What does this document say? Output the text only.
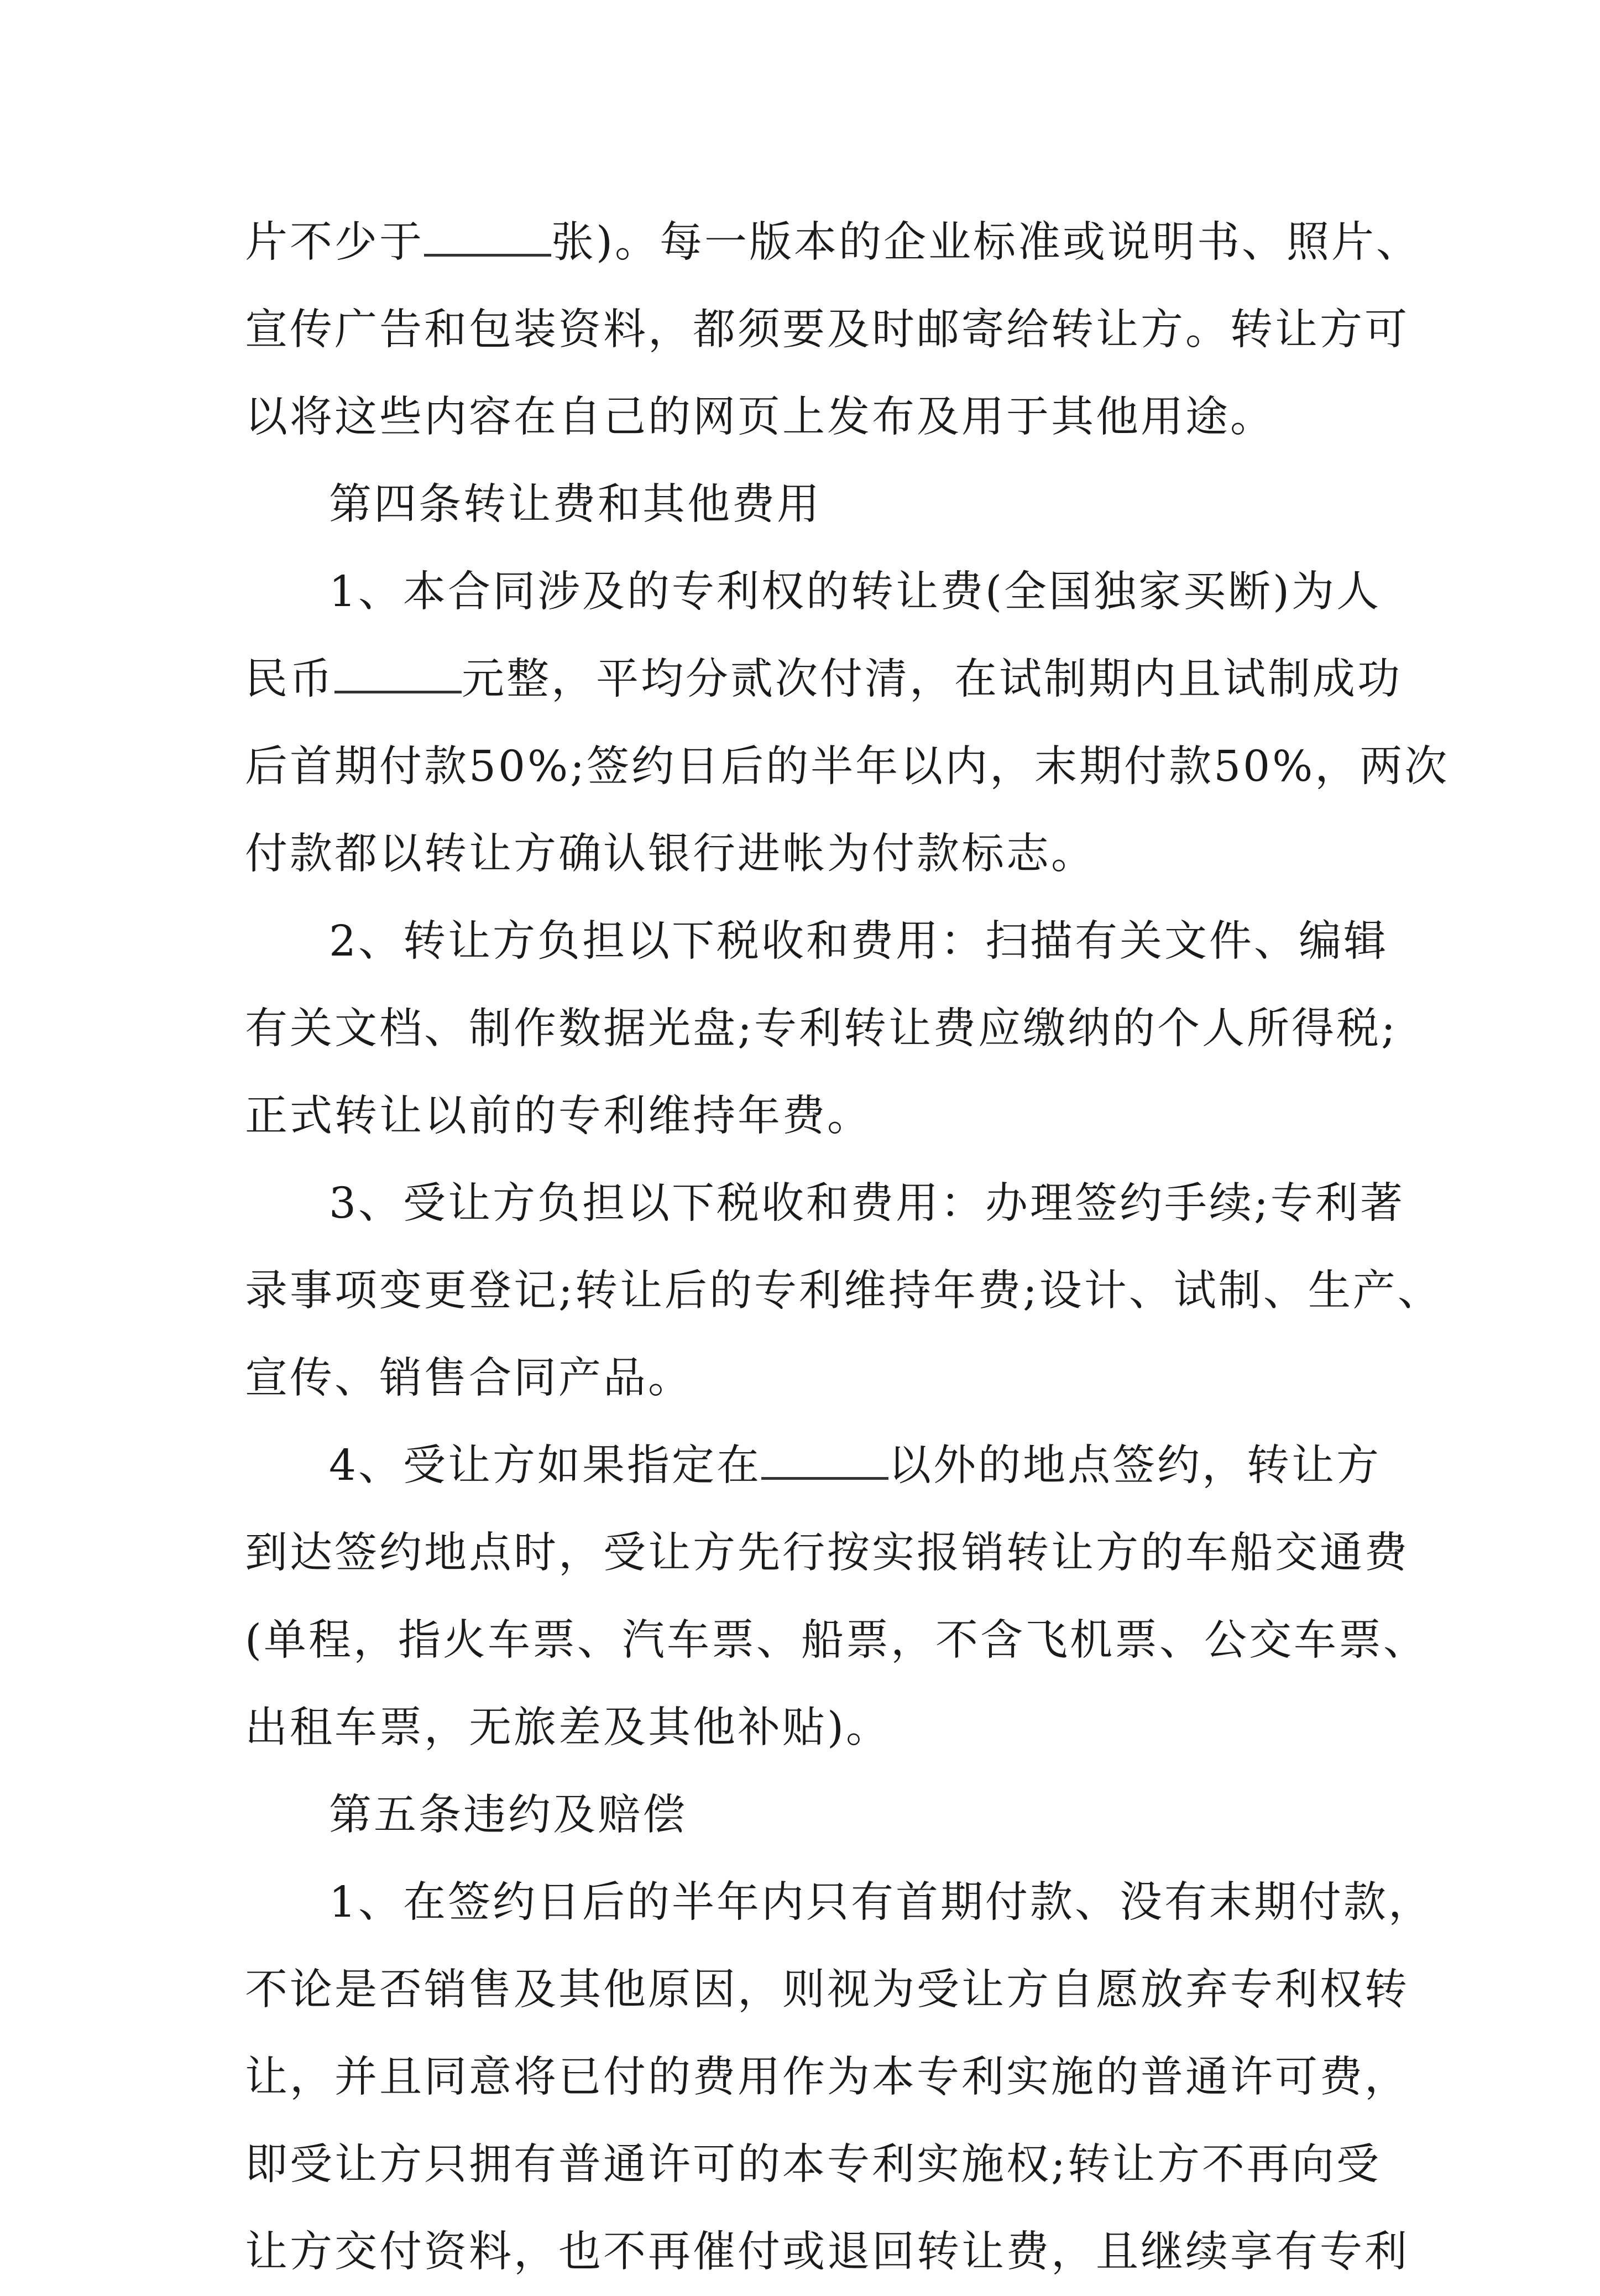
片不少于	张)。每一版本的企业标准或说明书、照片、
宣传广告和包装资料，都须要及时邮寄给转让方。转让方可
以将这些内容在自己的网页上发布及用于其他用途。
第四条转让费和其他费用
1、本合同涉及的专利权的转让费(全国独家买断)为人
民币	元整，平均分贰次付清，在试制期内且试制成功
后首期付款50%;签约日后的半年以内，末期付款50%，两次
付款都以转让方确认银行进帐为付款标志。
2、转让方负担以下税收和费用：扫描有关文件、编辑
有关文档、制作数据光盘;专利转让费应缴纳的个人所得税;
正式转让以前的专利维持年费。
3、受让方负担以下税收和费用：办理签约手续;专利著
录事项变更登记;转让后的专利维持年费;设计、试制、生产、
宣传、销售合同产品。
4、受让方如果指定在	以外的地点签约，转让方
到达签约地点时，受让方先行按实报销转让方的车船交通费
(单程，指火车票、汽车票、船票，不含飞机票、公交车票、
出租车票，无旅差及其他补贴)。
第五条违约及赔偿
1、在签约日后的半年内只有首期付款、没有末期付款，
不论是否销售及其他原因，则视为受让方自愿放弃专利权转
让，并且同意将已付的费用作为本专利实施的普通许可费，
即受让方只拥有普通许可的本专利实施权;转让方不再向受
让方交付资料，也不再催付或退回转让费，且继续享有专利
